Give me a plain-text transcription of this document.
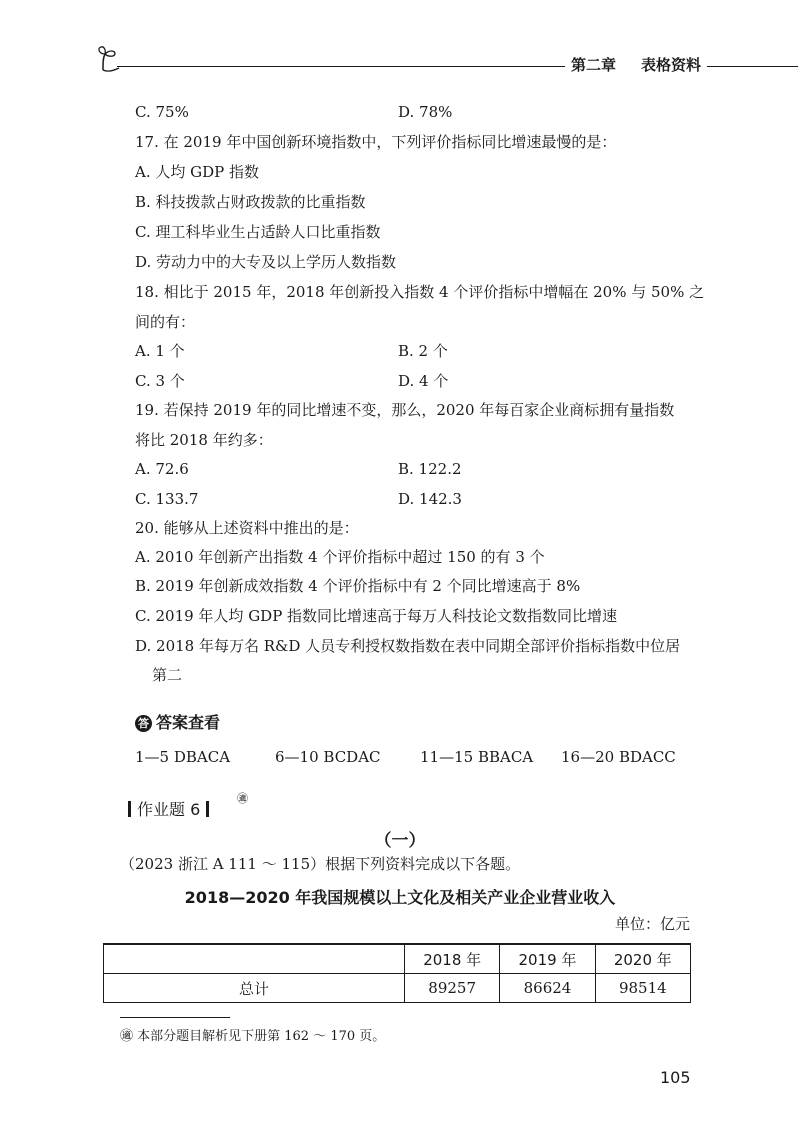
第二章	表格资料
C. 75%	D. 78%
17. 在 2019 年中国创新环境指数中，下列评价指标同比增速最慢的是：
A. 人均 GDP 指数
B. 科技拨款占财政拨款的比重指数
C. 理工科毕业生占适龄人口比重指数
D. 劳动力中的大专及以上学历人数指数
18. 相比于 2015 年，2018 年创新投入指数 4 个评价指标中增幅在 20% 与 50% 之
间的有：
A. 1 个	B. 2 个
C. 3 个	D. 4 个
19. 若保持 2019 年的同比增速不变，那么，2020 年每百家企业商标拥有量指数
将比 2018 年约多：
A. 72.6	B. 122.2
C. 133.7	D. 142.3
20. 能够从上述资料中推出的是：
A. 2010 年创新产出指数 4 个评价指标中超过 150 的有 3 个
B. 2019 年创新成效指数 4 个评价指标中有 2 个同比增速高于 8%
C. 2019 年人均 GDP 指数同比增速高于每万人科技论文数指数同比增速
D. 2018 年每万名 R&D 人员专利授权数指数在表中同期全部评价指标指数中位居
第二
答 答案查看
1—5 DBACA	6—10 BCDAC	11—15 BBACA 16—20 BDACC
作业题 6
㊜
（一）
（2023 浙江 A 111 ～ 115）根据下列资料完成以下各题。
2018—2020 年我国规模以上文化及相关产业企业营业收入
单位：亿元
	2018 年	2019 年	2020 年
总计	89257	86624	98514
㊜ 本部分题目解析见下册第 162 ～ 170 页。
105
